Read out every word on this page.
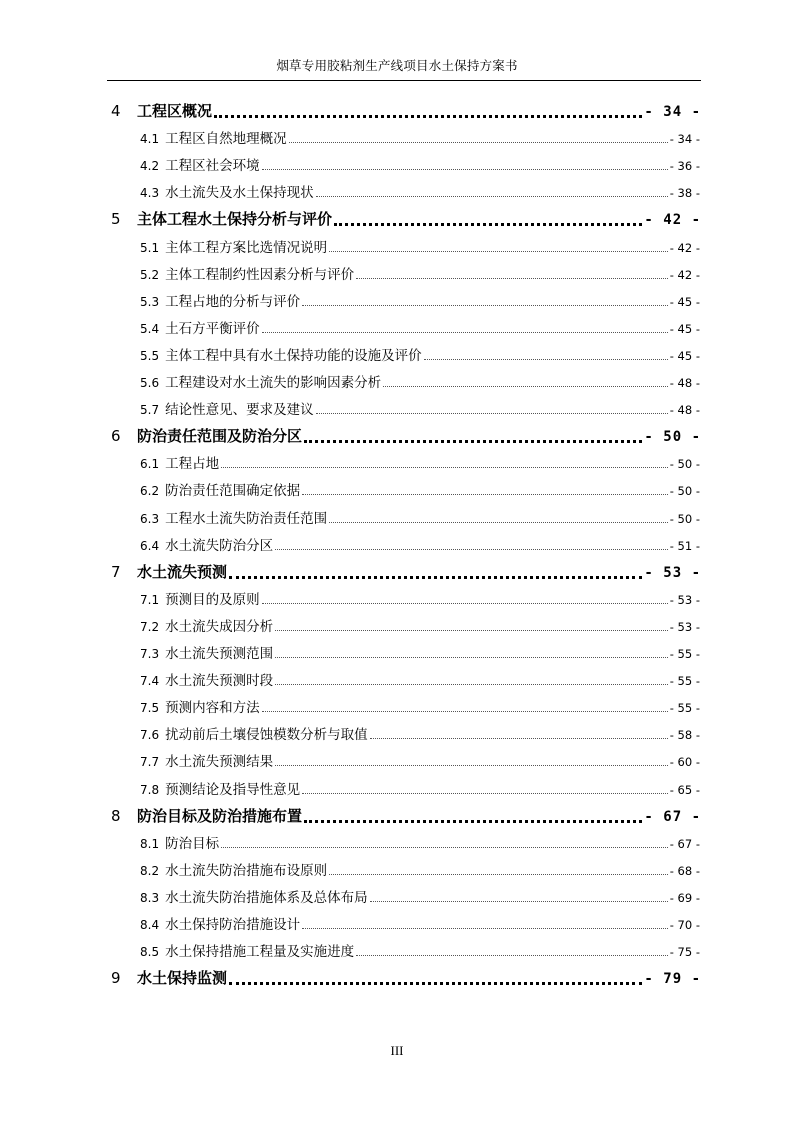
烟草专用胶粘剂生产线项目水土保持方案书
4	工程区概况	- 34 -
4.1 工程区自然地理概况	- 34 -
4.2 工程区社会环境	- 36 -
4.3 水土流失及水土保持现状	- 38 -
5	主体工程水土保持分析与评价	- 42 -
5.1 主体工程方案比选情况说明	- 42 -
5.2 主体工程制约性因素分析与评价	- 42 -
5.3 工程占地的分析与评价	- 45 -
5.4 土石方平衡评价	- 45 -
5.5 主体工程中具有水土保持功能的设施及评价	- 45 -
5.6 工程建设对水土流失的影响因素分析	- 48 -
5.7 结论性意见、要求及建议	- 48 -
6	防治责任范围及防治分区	- 50 -
6.1 工程占地	- 50 -
6.2 防治责任范围确定依据	- 50 -
6.3 工程水土流失防治责任范围	- 50 -
6.4 水土流失防治分区	- 51 -
7	水土流失预测	- 53 -
7.1 预测目的及原则	- 53 -
7.2 水土流失成因分析	- 53 -
7.3 水土流失预测范围	- 55 -
7.4 水土流失预测时段	- 55 -
7.5 预测内容和方法	- 55 -
7.6 扰动前后土壤侵蚀模数分析与取值	- 58 -
7.7 水土流失预测结果	- 60 -
7.8 预测结论及指导性意见	- 65 -
8	防治目标及防治措施布置	- 67 -
8.1 防治目标	- 67 -
8.2 水土流失防治措施布设原则	- 68 -
8.3 水土流失防治措施体系及总体布局	- 69 -
8.4 水土保持防治措施设计	- 70 -
8.5 水土保持措施工程量及实施进度	- 75 -
9	水土保持监测	- 79 -
III
